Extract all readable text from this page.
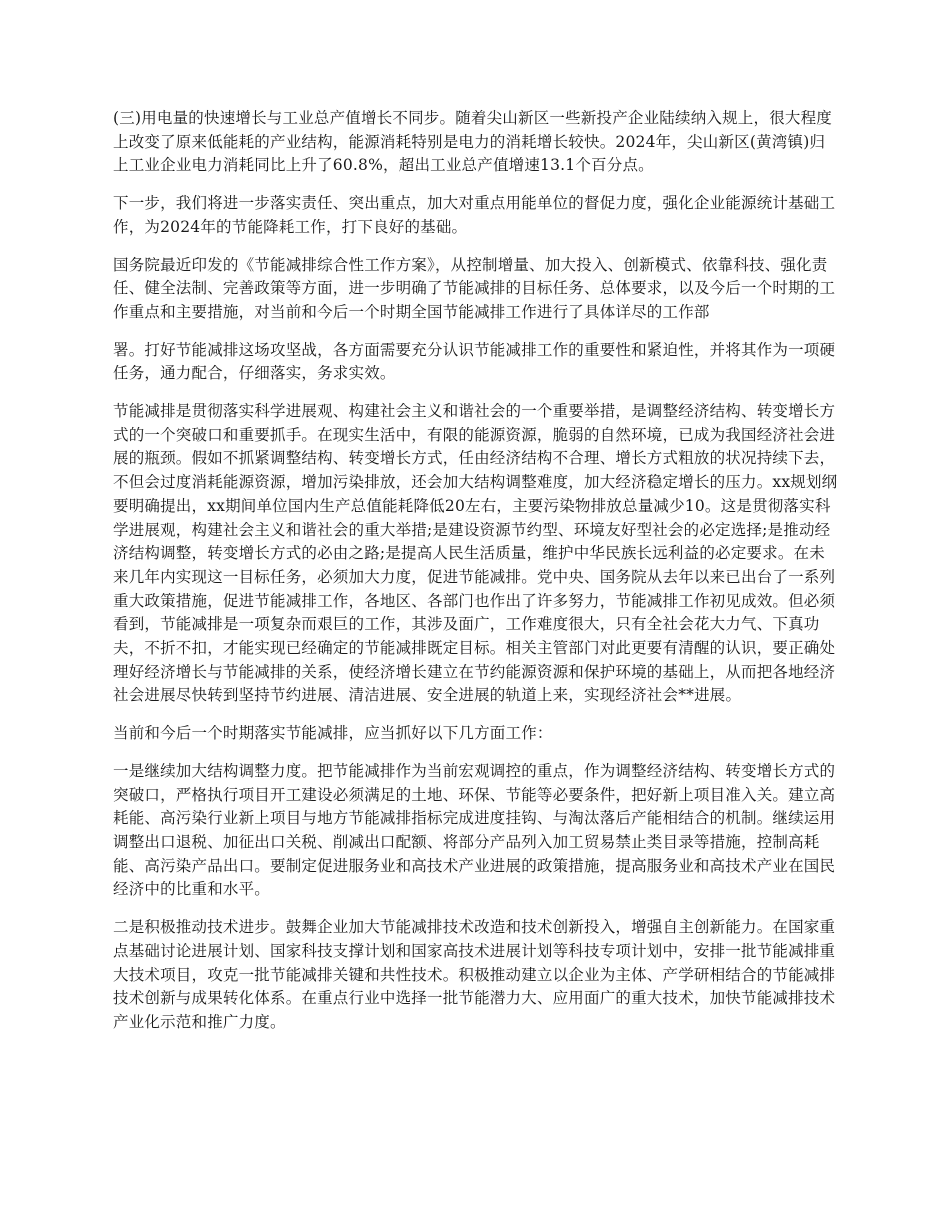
(三)用电量的快速增长与工业总产值增长不同步。随着尖山新区一些新投产企业陆续纳入规上，很大程度上改变了原来低能耗的产业结构，能源消耗特别是电力的消耗增长较快。2024年，尖山新区(黄湾镇)归上工业企业电力消耗同比上升了60.8%，超出工业总产值增速13.1个百分点。

下一步，我们将进一步落实责任、突出重点，加大对重点用能单位的督促力度，强化企业能源统计基础工作，为2024年的节能降耗工作，打下良好的基础。

国务院最近印发的《节能减排综合性工作方案》，从控制增量、加大投入、创新模式、依靠科技、强化责任、健全法制、完善政策等方面，进一步明确了节能减排的目标任务、总体要求，以及今后一个时期的工作重点和主要措施，对当前和今后一个时期全国节能减排工作进行了具体详尽的工作部

署。打好节能减排这场攻坚战，各方面需要充分认识节能减排工作的重要性和紧迫性，并将其作为一项硬任务，通力配合，仔细落实，务求实效。

节能减排是贯彻落实科学进展观、构建社会主义和谐社会的一个重要举措，是调整经济结构、转变增长方式的一个突破口和重要抓手。在现实生活中，有限的能源资源，脆弱的自然环境，已成为我国经济社会进展的瓶颈。假如不抓紧调整结构、转变增长方式，任由经济结构不合理、增长方式粗放的状况持续下去，不但会过度消耗能源资源，增加污染排放，还会加大结构调整难度，加大经济稳定增长的压力。xx规划纲要明确提出，xx期间单位国内生产总值能耗降低20左右，主要污染物排放总量减少10。这是贯彻落实科学进展观，构建社会主义和谐社会的重大举措;是建设资源节约型、环境友好型社会的必定选择;是推动经济结构调整，转变增长方式的必由之路;是提高人民生活质量，维护中华民族长远利益的必定要求。在未来几年内实现这一目标任务，必须加大力度，促进节能减排。党中央、国务院从去年以来已出台了一系列重大政策措施，促进节能减排工作，各地区、各部门也作出了许多努力，节能减排工作初见成效。但必须看到，节能减排是一项复杂而艰巨的工作，其涉及面广，工作难度很大，只有全社会花大力气、下真功夫，不折不扣，才能实现已经确定的节能减排既定目标。相关主管部门对此更要有清醒的认识，要正确处理好经济增长与节能减排的关系，使经济增长建立在节约能源资源和保护环境的基础上，从而把各地经济社会进展尽快转到坚持节约进展、清洁进展、安全进展的轨道上来，实现经济社会**进展。

当前和今后一个时期落实节能减排，应当抓好以下几方面工作：

一是继续加大结构调整力度。把节能减排作为当前宏观调控的重点，作为调整经济结构、转变增长方式的突破口，严格执行项目开工建设必须满足的土地、环保、节能等必要条件，把好新上项目准入关。建立高耗能、高污染行业新上项目与地方节能减排指标完成进度挂钩、与淘汰落后产能相结合的机制。继续运用调整出口退税、加征出口关税、削减出口配额、将部分产品列入加工贸易禁止类目录等措施，控制高耗能、高污染产品出口。要制定促进服务业和高技术产业进展的政策措施，提高服务业和高技术产业在国民经济中的比重和水平。

二是积极推动技术进步。鼓舞企业加大节能减排技术改造和技术创新投入，增强自主创新能力。在国家重点基础讨论进展计划、国家科技支撑计划和国家高技术进展计划等科技专项计划中，安排一批节能减排重大技术项目，攻克一批节能减排关键和共性技术。积极推动建立以企业为主体、产学研相结合的节能减排技术创新与成果转化体系。在重点行业中选择一批节能潜力大、应用面广的重大技术，加快节能减排技术产业化示范和推广力度。
